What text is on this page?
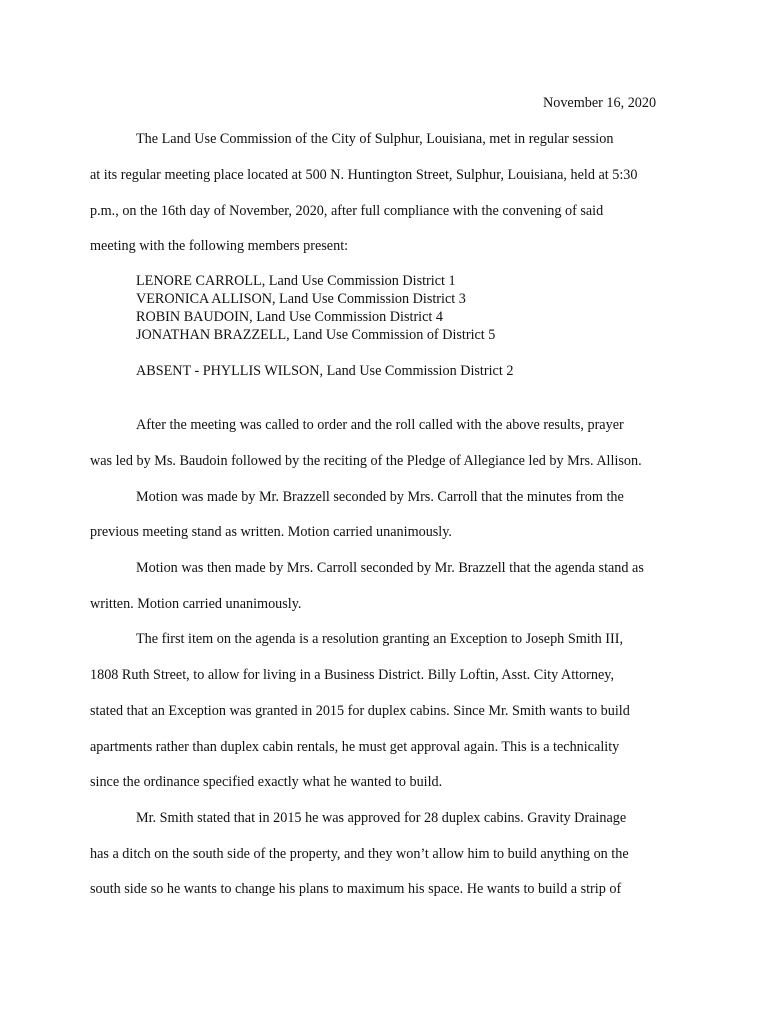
November 16, 2020
The Land Use Commission of the City of Sulphur, Louisiana, met in regular session
at its regular meeting place located at 500 N. Huntington Street, Sulphur, Louisiana, held at 5:30
p.m., on the 16th day of November, 2020, after full compliance with the convening of said
meeting with the following members present:
LENORE CARROLL, Land Use Commission District 1
VERONICA ALLISON, Land Use Commission District 3
ROBIN BAUDOIN, Land Use Commission District 4
JONATHAN BRAZZELL, Land Use Commission of District 5
ABSENT - PHYLLIS WILSON, Land Use Commission District 2
After the meeting was called to order and the roll called with the above results, prayer
was led by Ms. Baudoin followed by the reciting of the Pledge of Allegiance led by Mrs. Allison.
Motion was made by Mr. Brazzell seconded by Mrs. Carroll that the minutes from the
previous meeting stand as written. Motion carried unanimously.
Motion was then made by Mrs. Carroll seconded by Mr. Brazzell that the agenda stand as
written. Motion carried unanimously.
The first item on the agenda is a resolution granting an Exception to Joseph Smith III,
1808 Ruth Street, to allow for living in a Business District. Billy Loftin, Asst. City Attorney,
stated that an Exception was granted in 2015 for duplex cabins. Since Mr. Smith wants to build
apartments rather than duplex cabin rentals, he must get approval again. This is a technicality
since the ordinance specified exactly what he wanted to build.
Mr. Smith stated that in 2015 he was approved for 28 duplex cabins. Gravity Drainage
has a ditch on the south side of the property, and they won’t allow him to build anything on the
south side so he wants to change his plans to maximum his space. He wants to build a strip of
